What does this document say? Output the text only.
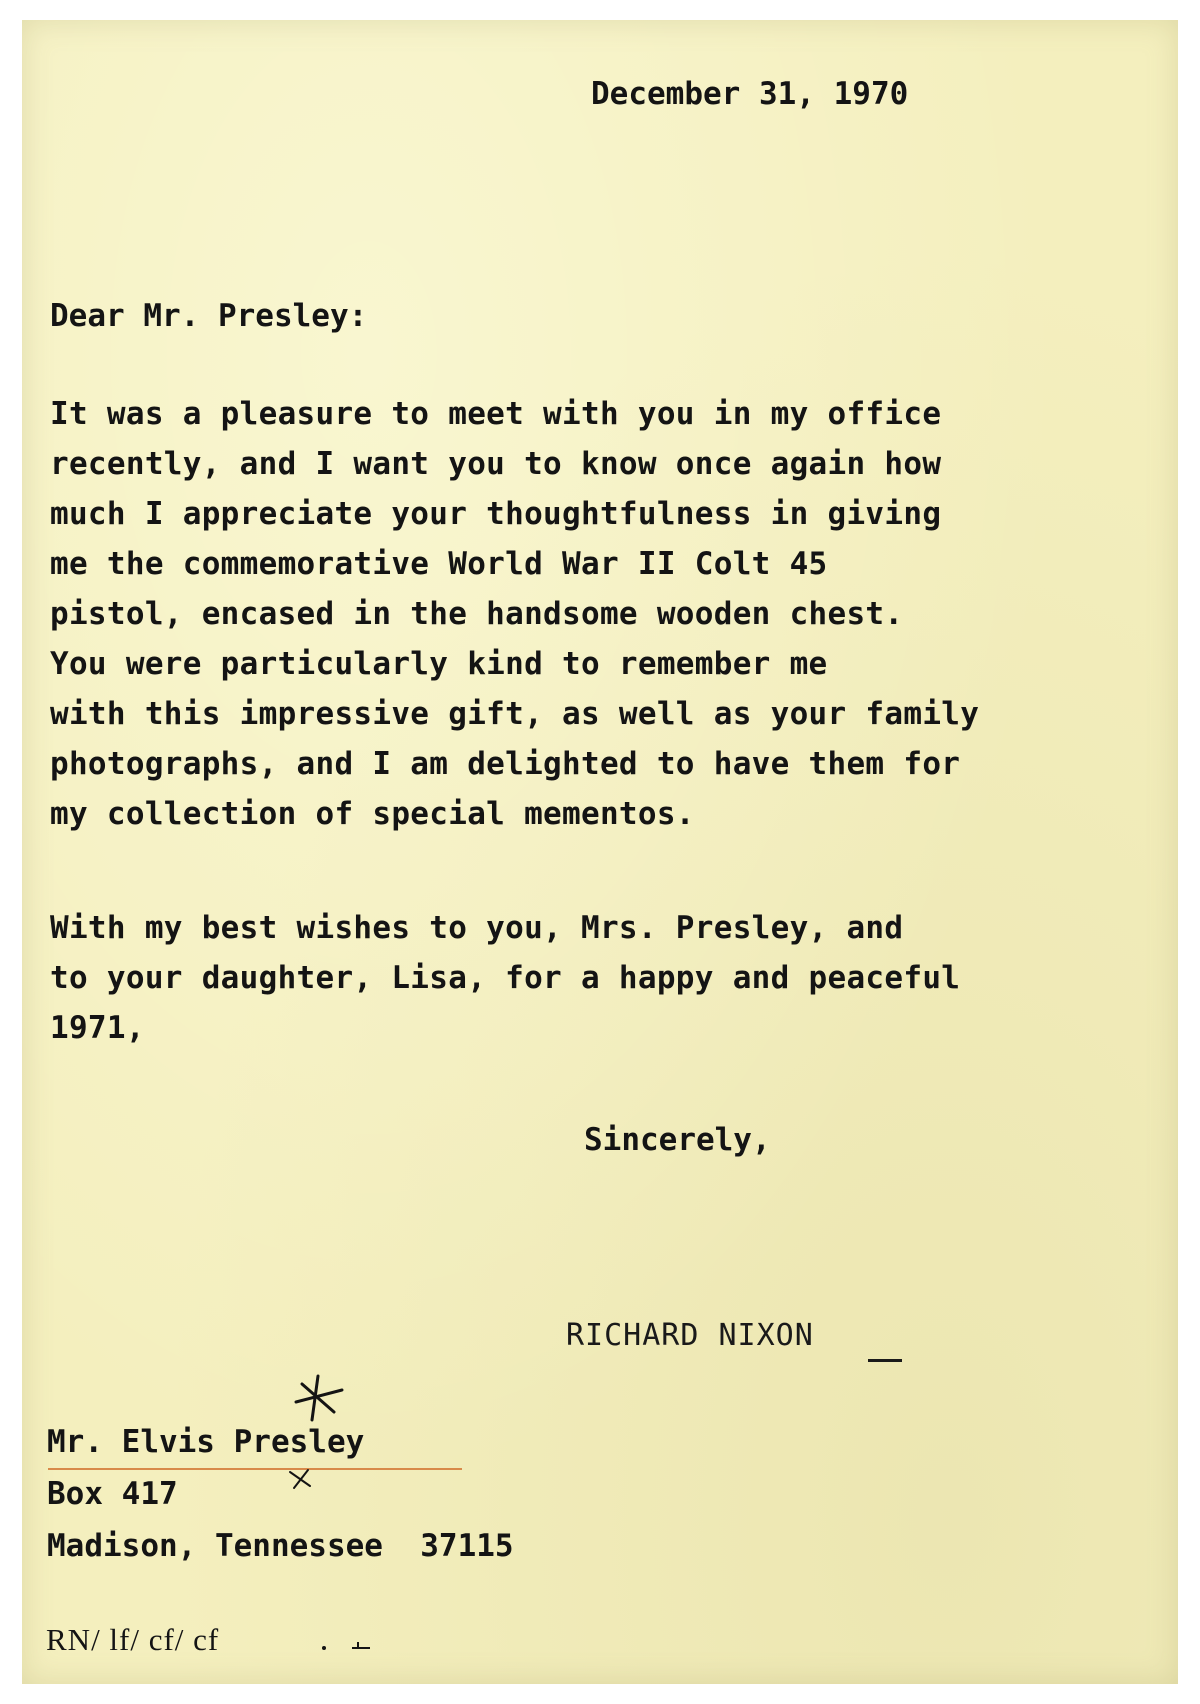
December 31, 1970

Dear Mr. Presley:

It was a pleasure to meet with you in my office

recently, and I want you to know once again how

much I appreciate your thoughtfulness in giving

me the commemorative World War II Colt 45

pistol, encased in the handsome wooden chest.

You were particularly kind to remember me

with this impressive gift, as well as your family

photographs, and I am delighted to have them for

my collection of special mementos.

With my best wishes to you, Mrs. Presley, and

to your daughter, Lisa, for a happy and peaceful

1971,

Sincerely,

RICHARD NIXON

Mr. Elvis Presley

Box 417

Madison, Tennessee  37115

RN/ lf/ cf/ cf
